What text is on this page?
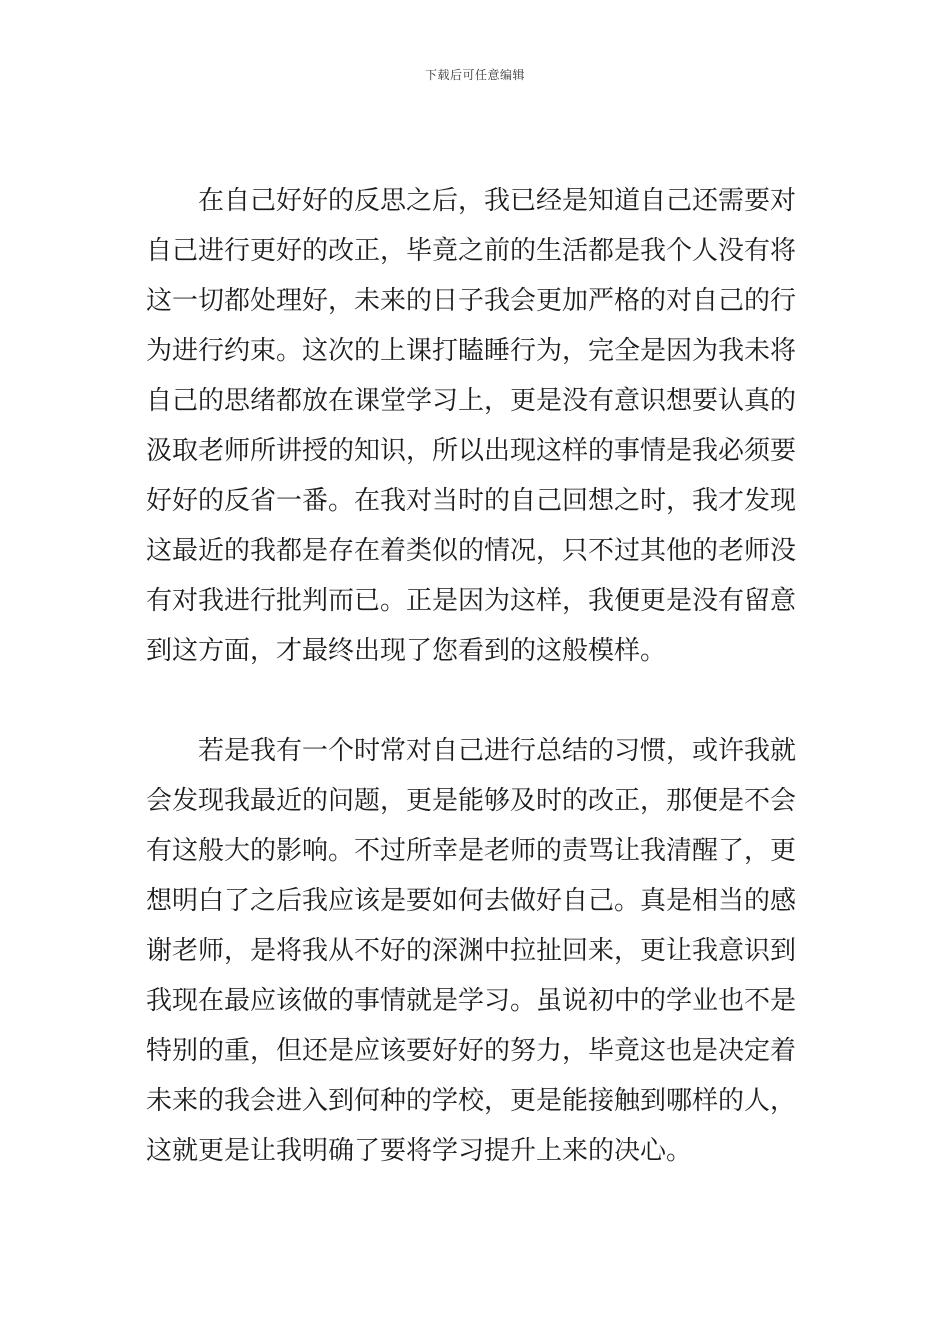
下载后可任意编辑
　　在自己好好的反思之后，我已经是知道自己还需要对
自己进行更好的改正，毕竟之前的生活都是我个人没有将
这一切都处理好，未来的日子我会更加严格的对自己的行
为进行约束。这次的上课打瞌睡行为，完全是因为我未将
自己的思绪都放在课堂学习上，更是没有意识想要认真的
汲取老师所讲授的知识，所以出现这样的事情是我必须要
好好的反省一番。在我对当时的自己回想之时，我才发现
这最近的我都是存在着类似的情况，只不过其他的老师没
有对我进行批判而已。正是因为这样，我便更是没有留意
到这方面，才最终出现了您看到的这般模样。
　　若是我有一个时常对自己进行总结的习惯，或许我就
会发现我最近的问题，更是能够及时的改正，那便是不会
有这般大的影响。不过所幸是老师的责骂让我清醒了，更
想明白了之后我应该是要如何去做好自己。真是相当的感
谢老师，是将我从不好的深渊中拉扯回来，更让我意识到
我现在最应该做的事情就是学习。虽说初中的学业也不是
特别的重，但还是应该要好好的努力，毕竟这也是决定着
未来的我会进入到何种的学校，更是能接触到哪样的人，
这就更是让我明确了要将学习提升上来的决心。
